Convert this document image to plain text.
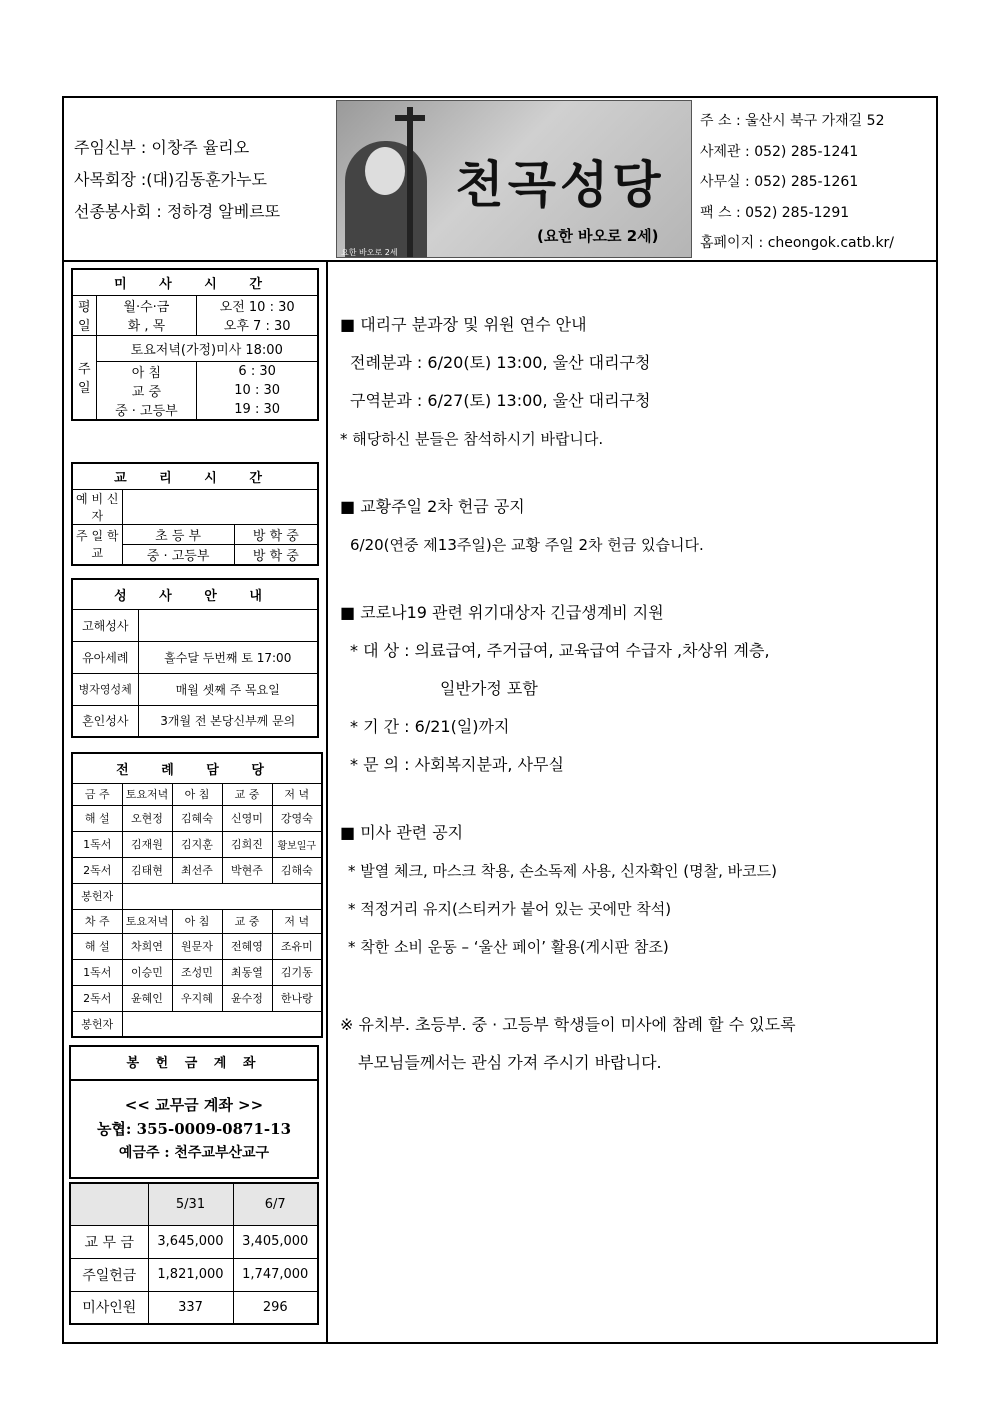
주임신부 : 이창주 율리오
사목회장 :(대)김동훈가누도
선종봉사회 : 정하경 알베르또	천곡성당
(요한 바오로 2세)
요한 바오로 2세
주 소 : 울산시 북구 가재길 52
사제관 : 052) 285-1241
사무실 : 052) 285-1261
팩 스 : 052) 285-1291
홈페이지 : cheongok.catb.kr/
미 사 시 간		
평일	월·수·금	오전 10 : 30
	화 , 목	오후 7 : 30
주일	토요저녁(가정)미사 18:00	
	아 침	6 : 30
	교 중	10 : 30
	중 · 고등부	19 : 30
교 리 시 간		
예 비 신 자		
주 일 학 교	초 등 부	방 학 중
	중 · 고등부	방 학 중
성 사 안 내	
고해성사	
유아세례	홀수달 두번째 토 17:00
병자영성체	매월 셋째 주 목요일
혼인성사	3개월 전 본당신부께 문의
전 례 담 당				
금 주	토요저녁	아 침	교 중	저 녁
해 설	오현정	김혜숙	신영미	강영숙
1독서	김재원	김지훈	김희진	황보일구
2독서	김태현	최선주	박현주	김해숙
봉헌자				
차 주	토요저녁	아 침	교 중	저 녁
해 설	차희연	원문자	전혜영	조유미
1독서	이승민	조성민	최동열	김기동
2독서	윤혜인	우지혜	윤수정	한나랑
봉헌자				
봉 헌 금 계 좌
<< 교무금 계좌 >>
농협: 355-0009-0871-13
예금주 : 천주교부산교구
	5/31	6/7
교 무 금	3,645,000	3,405,000
주일헌금	1,821,000	1,747,000
미사인원	337	296
■ 대리구 분과장 및 위원 연수 안내
전례분과 : 6/20(토) 13:00, 울산 대리구청
구역분과 : 6/27(토) 13:00, 울산 대리구청
* 해당하신 분들은 참석하시기 바랍니다.
■ 교황주일 2차 헌금 공지
6/20(연중 제13주일)은 교황 주일 2차 헌금 있습니다.
■ 코로나19 관련 위기대상자 긴급생계비 지원
* 대 상 : 의료급여, 주거급여, 교육급여 수급자 ,차상위 계층,
일반가정 포함
* 기 간 : 6/21(일)까지
* 문 의 : 사회복지분과, 사무실
■ 미사 관련 공지
* 발열 체크, 마스크 착용, 손소독제 사용, 신자확인 (명찰, 바코드)
* 적정거리 유지(스티커가 붙어 있는 곳에만 착석)
* 착한 소비 운동 – ‘울산 페이’ 활용(게시판 참조)
※ 유치부. 초등부. 중 · 고등부 학생들이 미사에 참례 할 수 있도록
부모님들께서는 관심 가져 주시기 바랍니다.
